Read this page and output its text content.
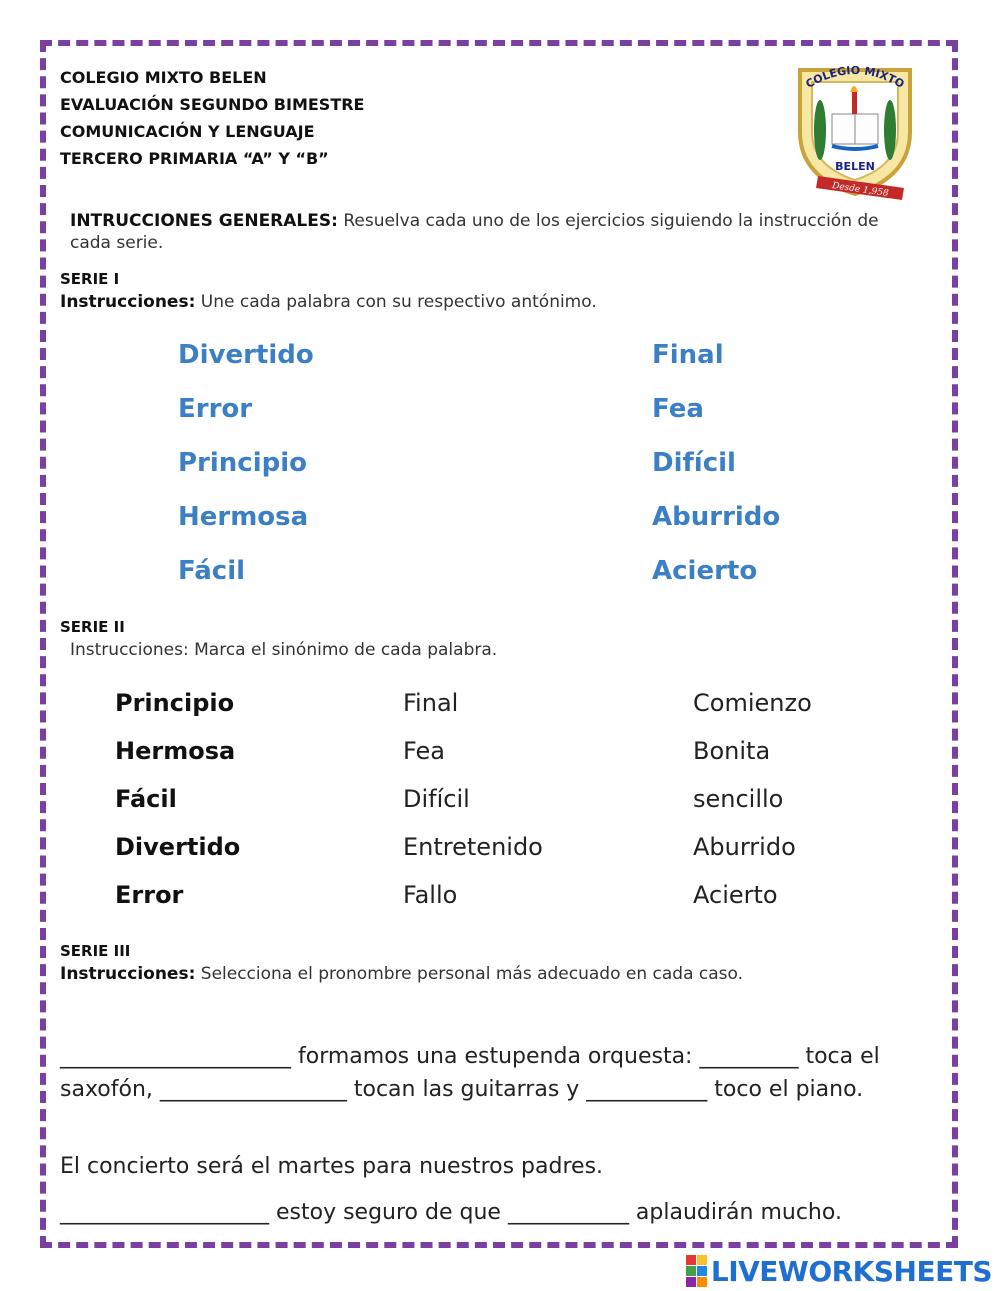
COLEGIO MIXTO BELEN
EVALUACIÓN SEGUNDO BIMESTRE
COMUNICACIÓN Y LENGUAJE
TERCERO PRIMARIA “A” Y “B”
COLEGIO MIXTO
BELEN
Desde 1,958
INTRUCCIONES GENERALES: Resuelva cada uno de los ejercicios siguiendo la instrucción de cada serie.
SERIE I
Instrucciones: Une cada palabra con su respectivo antónimo.
Divertido
Error
Principio
Hermosa
Fácil
Final
Fea
Difícil
Aburrido
Acierto
SERIE II
Instrucciones: Marca el sinónimo de cada palabra.
Principio	Final	Comienzo
Hermosa	Fea	Bonita
Fácil	Difícil	sencillo
Divertido	Entretenido	Aburrido
Error	Fallo	Acierto
SERIE III
Instrucciones: Selecciona el pronombre personal más adecuado en cada caso.
_____________________ formamos una estupenda orquesta: _________ toca el saxofón, _________________ tocan las guitarras y ___________ toco el piano.
El concierto será el martes para nuestros padres.
___________________ estoy seguro de que ___________ aplaudirán mucho.
LIVEWORKSHEETS
